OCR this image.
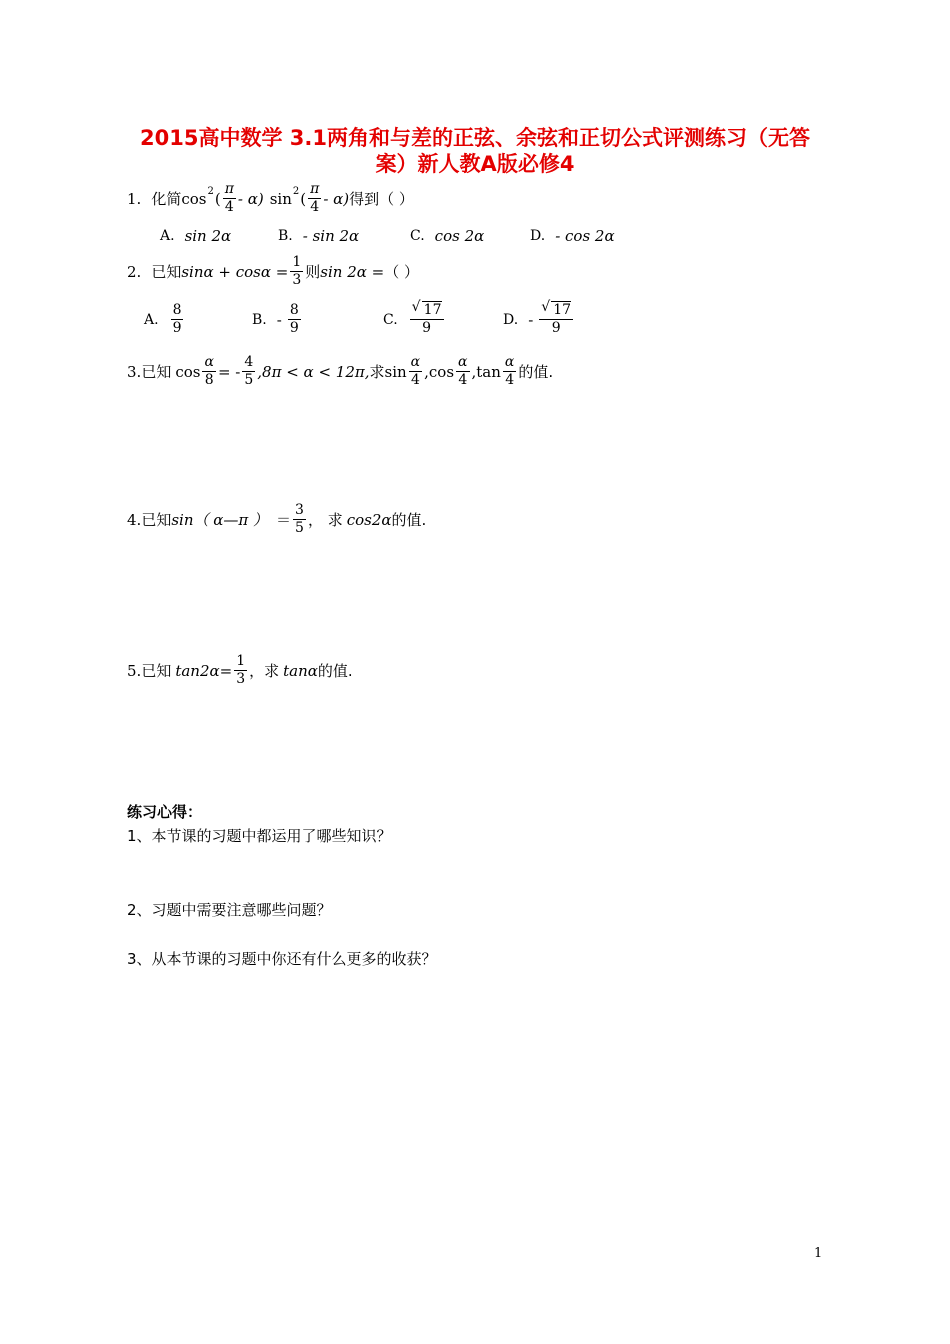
2015高中数学 3.1两角和与差的正弦、余弦和正切公式评测练习（无答
案）新人教A版必修4
1. 化简 cos 2 ( $\frac{\pi}{4} - \alpha$) sin 2 ( $\frac{\pi}{4} - \alpha$) 得到（ ）
A. sin 2α	B. - sin 2α	C. cos 2α	D. - cos 2α
2. 已知 $\sin\alpha + \cos\alpha = \frac{1}{3}$ 则 sin 2α = （ ）
A. $\frac{8}{9}$	B. - $\frac{8}{9}$	C. √ $\frac{17}{9}$	D. - √ $\frac{17}{9}$
3. 已知 $\cos \frac{\alpha}{8}$ = - $\frac{4}{5} ,8\pi < \alpha < 12\pi$, 求 $\sin \frac{\alpha}{4} ,\cos \frac{\alpha}{4} ,\tan \frac{\alpha}{4}$ 的值.
4. 已知 sin（ α—π ） ＝ $\frac{3}{5}$ ， 求 cos2α 的值.
5. 已知 $\tan 2\alpha= \frac{1}{3}$ ，求 tanα 的值.
练习心得：
1、本节课的习题中都运用了哪些知识？
2、习题中需要注意哪些问题？
3、从本节课的习题中你还有什么更多的收获？
1
